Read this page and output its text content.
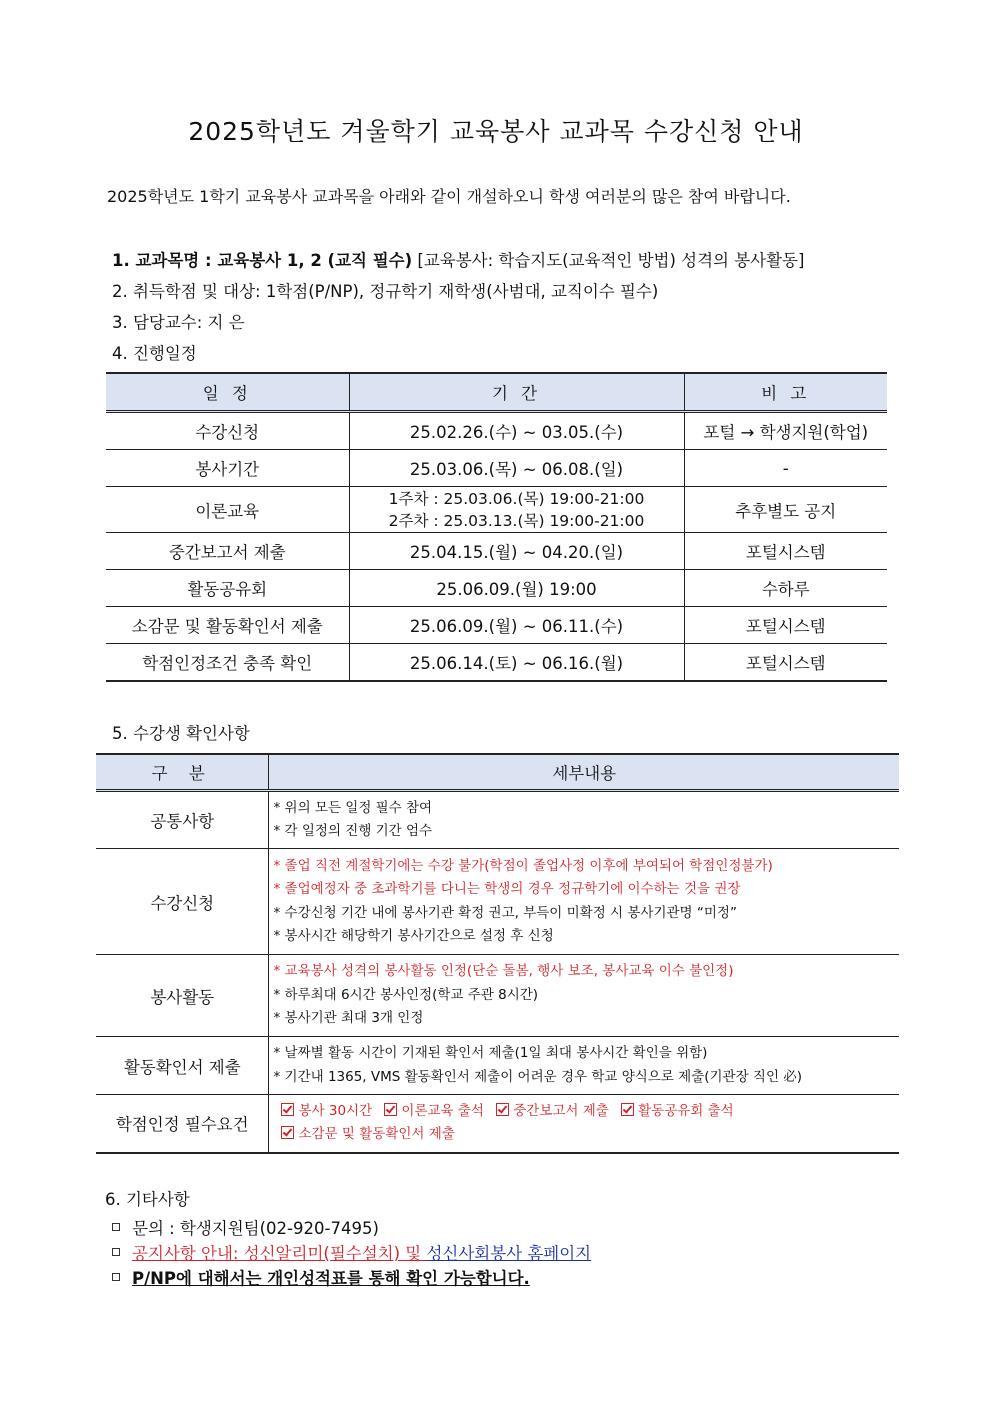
2025학년도 겨울학기 교육봉사 교과목 수강신청 안내
2025학년도 1학기 교육봉사 교과목을 아래와 같이 개설하오니 학생 여러분의 많은 참여 바랍니다.
1. 교과목명 : 교육봉사 1, 2 (교직 필수) [교육봉사: 학습지도(교육적인 방법) 성격의 봉사활동]
2. 취득학점 및 대상: 1학점(P/NP), 정규학기 재학생(사범대, 교직이수 필수)
3. 담당교수: 지 은
4. 진행일정
일 정	기 간	비 고
수강신청	25.02.26.(수) ~ 03.05.(수)	포털 → 학생지원(학업)
봉사기간	25.03.06.(목) ~ 06.08.(일)	-
이론교육	1주차 : 25.03.06.(목) 19:00-21:00
2주차 : 25.03.13.(목) 19:00-21:00	추후별도 공지
중간보고서 제출	25.04.15.(월) ~ 04.20.(일)	포털시스템
활동공유회	25.06.09.(월) 19:00	수하루
소감문 및 활동확인서 제출	25.06.09.(월) ~ 06.11.(수)	포털시스템
학점인정조건 충족 확인	25.06.14.(토) ~ 06.16.(월)	포털시스템
5. 수강생 확인사항
구 분	세부내용
공통사항	* 위의 모든 일정 필수 참여
* 각 일정의 진행 기간 엄수

수강신청	* 졸업 직전 계절학기에는 수강 불가(학점이 졸업사정 이후에 부여되어 학점인정불가)
* 졸업예정자 중 초과학기를 다니는 학생의 경우 정규학기에 이수하는 것을 권장
* 수강신청 기간 내에 봉사기관 확정 권고, 부득이 미확정 시 봉사기관명 “미정”
* 봉사시간 해당학기 봉사기간으로 설정 후 신청

봉사활동	* 교육봉사 성격의 봉사활동 인정(단순 돌봄, 행사 보조, 봉사교육 이수 불인정)
* 하루최대 6시간 봉사인정(학교 주관 8시간)
* 봉사기관 최대 3개 인정

활동확인서 제출	* 날짜별 활동 시간이 기재된 확인서 제출(1일 최대 봉사시간 확인을 위함)
* 기간내 1365, VMS 활동확인서 제출이 어려운 경우 학교 양식으로 제출(기관장 직인 必)

학점인정 필수요건	봉사 30시간 이론교육 출석 중간보고서 제출 활동공유회 출석
소감문 및 활동확인서 제출
6. 기타사항
문의 : 학생지원팀(02-920-7495)
공지사항 안내: 성신알리미(필수설치) 및 성신사회봉사 홈페이지
P/NP에 대해서는 개인성적표를 통해 확인 가능합니다.
